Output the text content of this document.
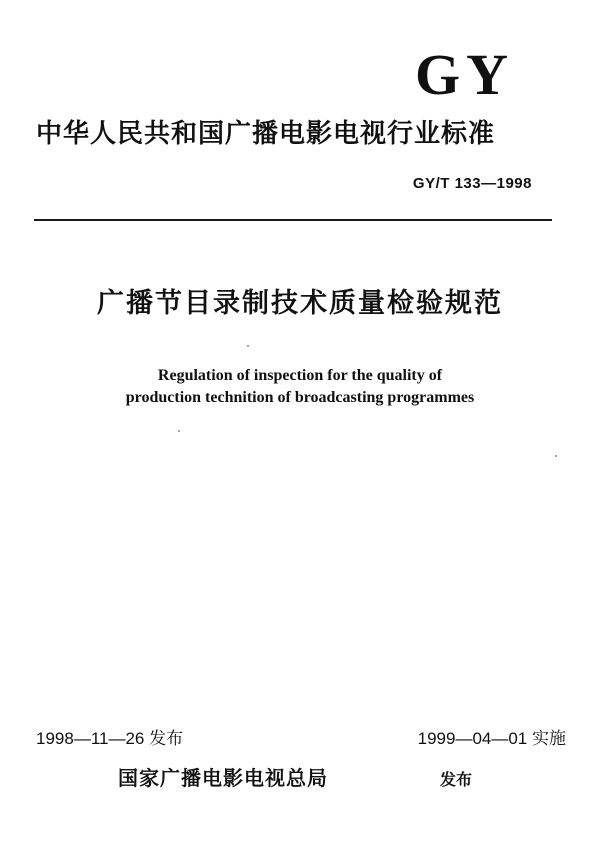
GY
中华人民共和国广播电影电视行业标准
GY/T 133—1998
广播节目录制技术质量检验规范
Regulation of inspection for the quality of
production technition of broadcasting programmes
1998—11—26 发布	1999—04—01 实施
国家广播电影电视总局	发布
